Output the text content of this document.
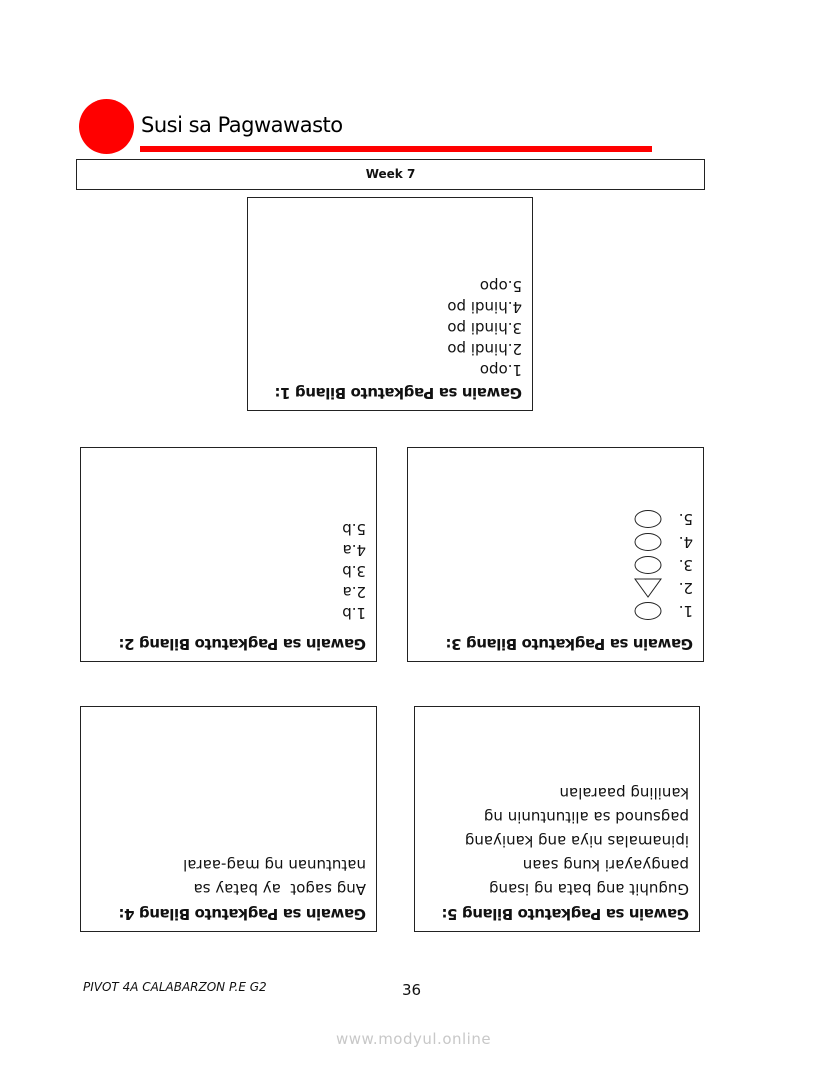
Susi sa Pagwawasto
Week 7
Gawain sa Pagkatuto Bilang 1:
1.opo
2.hindi po
3.hindi po
4.hindi po
5.opo
Gawain sa Pagkatuto Bilang 3:
1.
2.
3.
4.
5.
Gawain sa Pagkatuto Bilang 2:
1.b
2.a
3.b
4.a
5.b
Gawain sa Pagkatuto Bilang 5:
Guguhit ang bata ng isang
pangyayari kung saan
ipinamalas niya ang kaniyang
pagsunod sa alituntunin ng
kaniling paaralan
Gawain sa Pagkatuto Bilang 4:
Ang sagot  ay batay sa
natutunan ng mag-aaral
PIVOT 4A CALABARZON P.E G2	36
www.modyul.online
